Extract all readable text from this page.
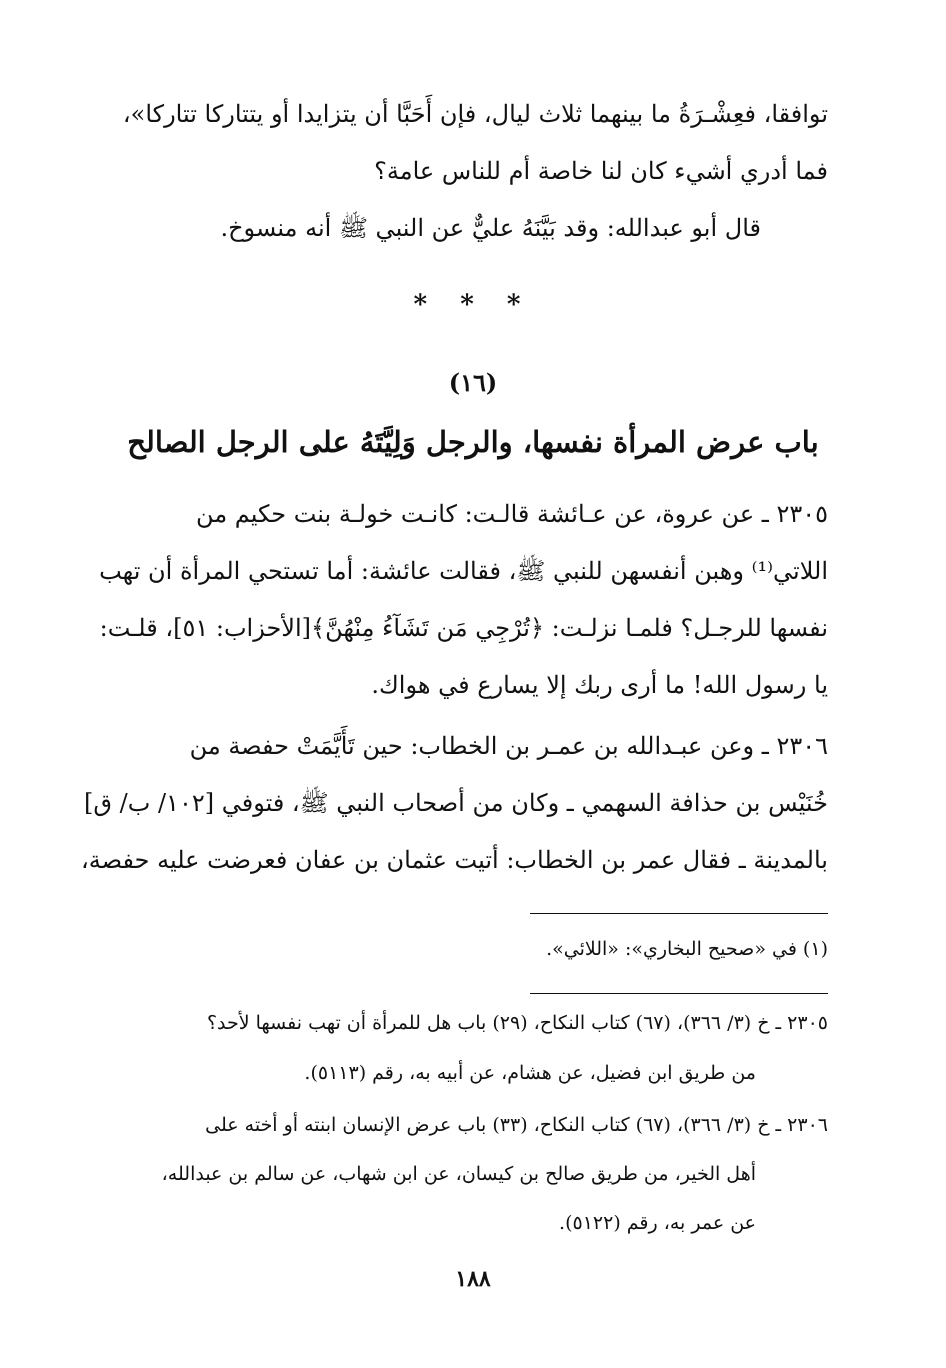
توافقا، فعِشْـرَةُ ما بينهما ثلاث ليال، فإن أَحَبَّا أن يتزايدا أو يتتاركا تتاركا»،
فما أدري أشيء كان لنا خاصة أم للناس عامة؟
قال أبو عبدالله: وقد بَيَّنَهُ عليٌّ عن النبي ﷺ أنه منسوخ.
* * *
(١٦)
باب عرض المرأة نفسها، والرجل وَلِيَّتَهُ على الرجل الصالح
٢٣٠٥ ـ عن عروة، عن عـائشة قالـت: كانـت خولـة بنت حكيم من
اللاتي⁽¹⁾ وهبن أنفسهن للنبي ﷺ، فقالت عائشة: أما تستحي المرأة أن تهب
نفسها للرجـل؟ فلمـا نزلـت: ﴿تُرْجِي مَن تَشَآءُ مِنْهُنَّ﴾[الأحزاب: ٥١]، قلـت:
يا رسول الله! ما أرى ربك إلا يسارع في هواك.
٢٣٠٦ ـ وعن عبـدالله بن عمـر بن الخطاب: حين تَأَيَّمَتْ حفصة من
خُنَيْس بن حذافة السهمي ـ وكان من أصحاب النبي ﷺ، فتوفي [١٠٢/ ب/ ق]
بالمدينة ـ فقال عمر بن الخطاب: أتيت عثمان بن عفان فعرضت عليه حفصة،
(١) في «صحيح البخاري»: «اللائي».
٢٣٠٥ ـ خ (٣/ ٣٦٦)، (٦٧) كتاب النكاح، (٢٩) باب هل للمرأة أن تهب نفسها لأحد؟
من طريق ابن فضيل، عن هشام، عن أبيه به، رقم (٥١١٣).
٢٣٠٦ ـ خ (٣/ ٣٦٦)، (٦٧) كتاب النكاح، (٣٣) باب عرض الإنسان ابنته أو أخته على
أهل الخير، من طريق صالح بن كيسان، عن ابن شهاب، عن سالم بن عبدالله،
عن عمر به، رقم (٥١٢٢).
١٨٨
